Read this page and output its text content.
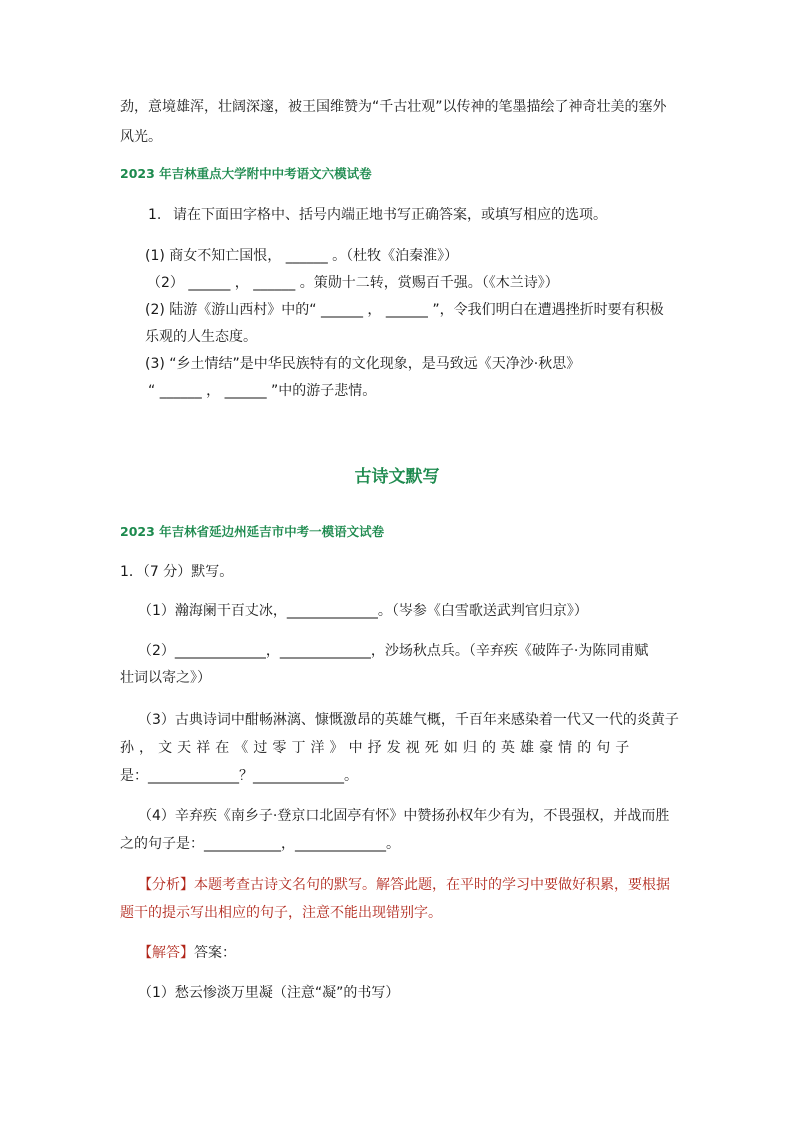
劲，意境雄浑，壮阔深邃，被王国维赞为“千古壮观”以传神的笔墨描绘了神奇壮美的塞外
风光。
2023 年吉林重点大学附中中考语文六模试卷
1. 请在下面田字格中、括号内端正地书写正确答案，或填写相应的选项。
(1) 商女不知亡国恨， ______ 。（杜牧《泊秦淮》）
（2） ______ ， ______ 。策勋十二转，赏赐百千强。（《木兰诗》）
(2) 陆游《游山西村》中的“ ______ ， ______ ”，令我们明白在遭遇挫折时要有积极
乐观的人生态度。
(3) “乡土情结”是中华民族特有的文化现象，是马致远《天净沙·秋思》
“ ______ ， ______ ”中的游子悲情。
古诗文默写
2023 年吉林省延边州延吉市中考一模语文试卷
1．（7 分）默写。
（1）瀚海阑干百丈冰，_____________。（岑参《白雪歌送武判官归京》）
（2）_____________，_____________，沙场秋点兵。（辛弃疾《破阵子·为陈同甫赋
壮词以寄之》）
（3）古典诗词中酣畅淋漓、慷慨激昂的英雄气概，千百年来感染着一代又一代的炎黄子
孙 ， 文 天 祥 在 《 过 零 丁 洋 》 中 抒 发 视 死 如 归 的 英 雄 豪 情 的 句 子
是：_____________？_____________。
（4）辛弃疾《南乡子·登京口北固亭有怀》中赞扬孙权年少有为，不畏强权，并战而胜
之的句子是：___________，_____________。
【分析】本题考查古诗文名句的默写。解答此题，在平时的学习中要做好积累，要根据
题干的提示写出相应的句子，注意不能出现错别字。
【解答】答案：
（1）愁云惨淡万里凝（注意“凝”的书写）
